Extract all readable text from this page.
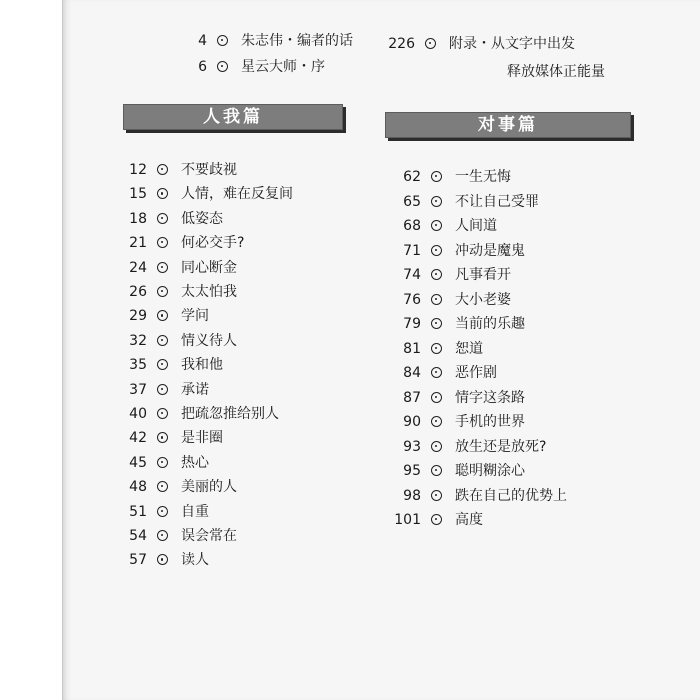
4 朱志伟・编者的话
6 星云大师・序
226 附录・从文字中出发
释放媒体正能量
人我篇	对事篇
12 不要歧视
15 人情，难在反复间
18 低姿态
21 何必交手?
24 同心断金
26 太太怕我
29 学问
32 情义待人
35 我和他
37 承诺
40 把疏忽推给别人
42 是非圈
45 热心
48 美丽的人
51 自重
54 误会常在
57 读人
62 一生无悔
65 不让自己受罪
68 人间道
71 冲动是魔鬼
74 凡事看开
76 大小老婆
79 当前的乐趣
81 恕道
84 恶作剧
87 情字这条路
90 手机的世界
93 放生还是放死?
95 聪明糊涂心
98 跌在自己的优势上
101 高度
